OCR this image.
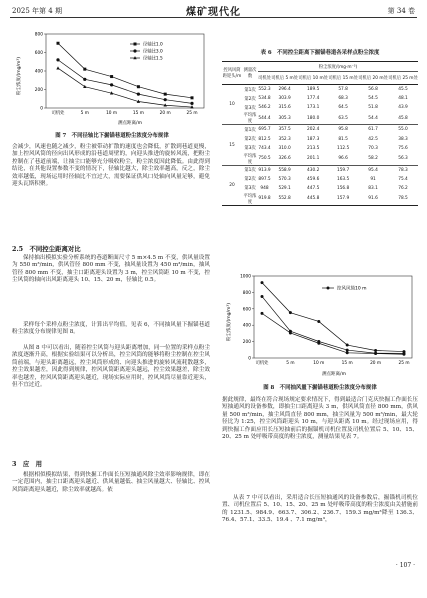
2025 年第 4 期	煤矿现代化	第 34 卷
粉尘浓度/(mg/m³)
0
200
400
600
800
司机处	5 m	10 m	15 m	20 m	25 m
径轴比1.0
径轴比3.0
径轴比1.5
测点距离/m
图 7　不同径轴比下掘锚巷道粉尘浓度分布规律
会减少，风速也随之减少，粉尘被带动扩散的速度也会降低，扩散到巷道更慢，加上控风风筒的径向出风形成的沿巷道周壁的，向迎头推进的旋转风流，把粉尘控制在了巷道前端，让抽尘口能够充分吸收粉尘，粉尘浓度因此降低。由此得到结论，在其他设置参数不变的情况下，径轴比越大，除尘效率越高，反之，除尘效率越低，现场运用时径轴比不宜过大，需要保证供风口处轴向风量足够，避免迎头瓦斯积聚。
2.5　不同控尘距离对比
保持抽出模拟实验分析系统的巷道断面尺寸 5 m×4.5 m 不变，供风量设置为 550 m³/min，供风管径 800 mm 不变，抽风量设置为 450 m³/min，抽风管径 800 mm 不变，抽尘口距离迎头设置为 3 m，控尘风筒距 10 m 不变，控尘风筒的轴向出风距离迎头 10、15、20 m，径轴比 0.5。
采样每个采样点粉尘浓度，计算出平均值，见表 6，不同抽风量下掘锚巷道粉尘浓度分布规律见图 8。
从图 8 中可以看出，随着控尘风筒与迎头距离增加，同一位置的采样点粉尘浓度逐渐升高，根据实验结果可以分析出，控尘风筒的能够将粉尘控制在控尘风筒前端，与迎头距离越远，控尘风筒形成的、向迎头推进的旋转风流耗散越多，控尘效果越差，因此得到规律，控风风筒距离迎头越远，控尘效果越差，除尘效率也越差，控风风筒距离迎头越近，现场实际应用时，控风风筒尽量靠近迎头，但不宜过近。
3　应　用
根据相似模拟结果，得到快掘工作面长压短抽通风除尘效率影响规律，即在一定范围内，抽尘口距离迎头越近、供风量越低、抽尘风量越大、径轴比、控风风筒距离迎头越近，除尘效率就越高。依
表 6　不同控尘距离下掘锚巷道各采样点粉尘浓度
控风风筒距迎头/m	测量次数	粉尘浓度/(mg·m⁻³)					
		司机处	司机后 5 m处	司机后 10 m处	司机后 15 m处	司机后 20 m处	司机后 25 m处
10	第1次	552.3	296.4	189.5	57.8	56.8	45.5
	第2次	534.8	303.9	177.4	68.3	54.5	48.1
	第3次	546.2	315.6	173.1	64.5	51.8	43.9
	平均浓度	544.4	305.3	180.0	63.5	54.4	45.8
15	第1次	695.7	357.5	202.4	95.8	61.7	55.0
	第2次	812.5	352.3	187.3	81.5	42.5	38.3
	第3次	743.4	310.0	213.5	112.5	70.3	75.6
	平均浓度	750.5	326.6	201.1	96.6	58.2	56.3
20	第1次	913.9	558.9	430.2	159.7	95.4	78.3
	第2次	897.5	570.3	459.6	163.5	91	75.4
	第3次	948	529.1	447.5	156.8	83.1	76.2
	平均浓度	919.8	552.8	445.8	157.9	91.6	78.5
粉尘浓度/(mg/m³)
0
200
400
600
800
1000
司机处	5 m	10 m	15 m	20 m	25 m
控风风筒10 m
测点距离/m
图 8　不同抽风量下掘锚巷道粉尘浓度分布规律
据此规律，最终在符合现场规定要求情况下，得到最适合门克庆快掘工作面长压短抽通风的设备参数，即抽尘口距离迎头 3 m，供风风筒直径 800 mm，供风量 500 m³/min，抽尘风筒直径 800 mm，抽尘风量为 500 m³/min，最大轮径比为 1:25，控尘风筒距迎头 10 m，与迎头距离 10 m。经过现场应用，得到快掘工作面应用长压短抽前后的掘锚机司机位置及司机位置后 5、10、15、20、25 m 处呼吸带高度的粉尘浓度，测量结果见表 7。
从表 7 中可以看出，采用适合长压短抽通风的设备参数后，掘锚机司机位置、司机位置后 5、10、15、20、25 m 处呼吸带高度的粉尘浓度由关措施前的 1231.5、984.9、663.7、306.2、236.7、159.3 mg/m³降至 136.3、76.4、57.1、33.5、19.4 、7.1 mg/m³，
· 107 ·
